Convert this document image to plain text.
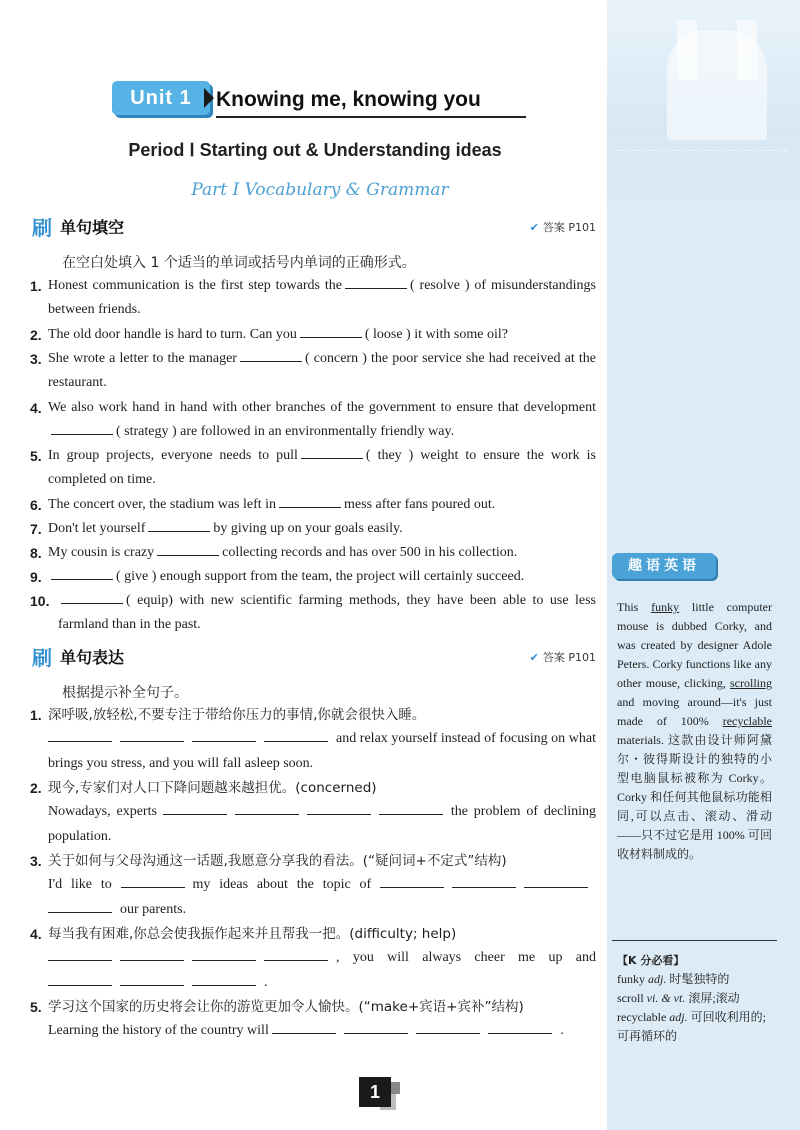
趣语英语
This funky little computer mouse is dubbed Corky, and was created by designer Adole Peters. Corky functions like any other mouse, clicking, scrolling and moving around—it's just made of 100% recyclable materials. 这款由设计师阿黛尔・彼得斯设计的独特的小型电脑鼠标被称为 Corky。Corky 和任何其他鼠标功能相同,可以点击、滚动、滑动——只不过它是用 100% 可回收材料制成的。
【K 分必看】
funky adj. 时髦独特的
scroll vi. & vt. 滚屏;滚动
recyclable adj. 可回收利用的;可再循环的
Unit 1	Knowing me, knowing you
Period Ⅰ Starting out & Understanding ideas
Part Ⅰ Vocabulary & Grammar
刷 单句填空	✔ 答案 P101
在空白处填入 1 个适当的单词或括号内单词的正确形式。
1. Honest communication is the first step towards the	( resolve ) of misunderstandings between friends.
2. The old door handle is hard to turn. Can you	( loose ) it with some oil?
3. She wrote a letter to the manager	( concern ) the poor service she had received at the restaurant.
4. We also work hand in hand with other branches of the government to ensure that development( strategy ) are followed in an environmentally friendly way.
5. In group projects, everyone needs to pull	( they ) weight to ensure the work is completed on time.
6. The concert over, the stadium was left in	mess after fans poured out.
7. Don't let yourself	by giving up on your goals easily.
8. My cousin is crazy	collecting records and has over 500 in his collection.
9.	( give ) enough support from the team, the project will certainly succeed.
10.	( equip) with new scientific farming methods, they have been able to use less farmland than in the past.
刷 单句表达	✔ 答案 P101
根据提示补全句子。
1. 深呼吸,放轻松,不要专注于带给你压力的事情,你就会很快入睡。
and relax yourself instead of focusing on what brings you stress, and you will fall asleep soon.
2. 现今,专家们对人口下降问题越来越担优。(concerned)
Nowadays, experts	the problem of declining population.
3. 关于如何与父母沟通这一话题,我愿意分享我的看法。(“疑问词+不定式”结构)
I'd like to	my ideas about the topic of our parents.
4. 每当我有困难,你总会使我振作起来并且帮我一把。(difficulty; help)
, you will always cheer me up and .
5. 学习这个国家的历史将会让你的游览更加令人愉快。(“make+宾语+宾补”结构)
Learning the history of the country will	.
1
